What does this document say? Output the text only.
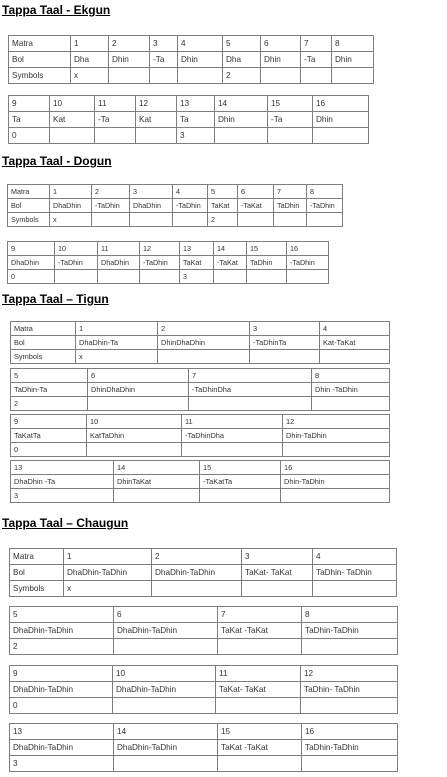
Tappa Taal - Ekgun
Matra	1	2	3	4	5	6	7	8
Bol	Dha	Dhin	-Ta	Dhin	Dha	Dhin	-Ta	Dhin
Symbols	x				2			
9	10	11	12	13	14	15	16
Ta	Kat	-Ta	Kat	Ta	Dhin	-Ta	Dhin
0				3			
Tappa Taal - Dogun
Matra	1	2	3	4	5	6	7	8
Bol	DhaDhin	-TaDhin	DhaDhin	-TaDhin	TaKat	-TaKat	TaDhin	-TaDhin
Symbols	x				2			
9	10	11	12	13	14	15	16
DhaDhin	-TaDhin	DhaDhin	-TaDhin	TaKat	-TaKat	TaDhin	-TaDhin
0				3			
Tappa Taal – Tigun
Matra	1	2	3	4
Bol	DhaDhin-Ta	DhinDhaDhin	-TaDhinTa	Kat-TaKat
Symbols	x			
5	6	7	8
TaDhin-Ta	DhinDhaDhin	-TaDhinDha	Dhin -TaDhin
2			
9	10	11	12
TaKatTa	KatTaDhin	-TaDhinDha	Dhin-TaDhin
0			
13	14	15	16
DhaDhin -Ta	DhinTaKat	-TaKatTa	Dhin-TaDhin
3			
Tappa Taal – Chaugun
Matra	1	2	3	4
Bol	DhaDhin-TaDhin	DhaDhin-TaDhin	TaKat- TaKat	TaDhin- TaDhin
Symbols	x			
5	6	7	8
DhaDhin-TaDhin	DhaDhin-TaDhin	TaKat -TaKat	TaDhin-TaDhin
2			
9	10	11	12
DhaDhin-TaDhin	DhaDhin-TaDhin	TaKat- TaKat	TaDhin- TaDhin
0			
13	14	15	16
DhaDhin-TaDhin	DhaDhin-TaDhin	TaKat -TaKat	TaDhin-TaDhin
3			
